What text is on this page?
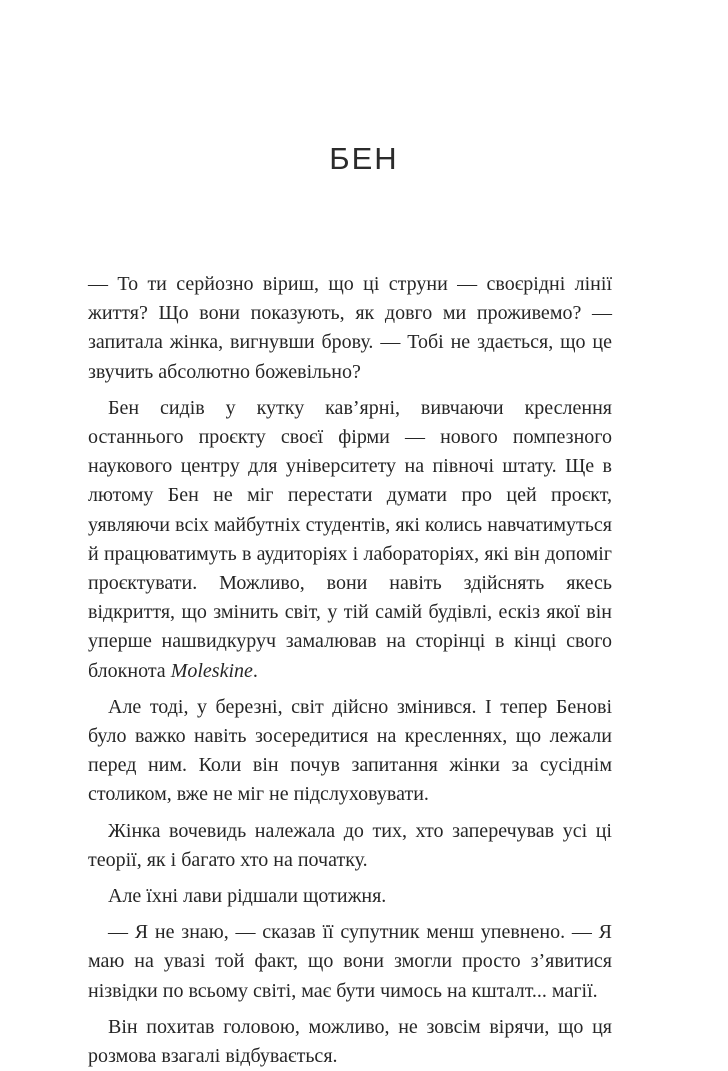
БЕН

— То ти серйозно віриш, що ці струни — своєрідні лінії життя? Що вони показують, як довго ми проживемо? — запитала жінка, вигнувши брову. — Тобі не здається, що це звучить абсолютно божевільно?

Бен сидів у кутку кав’ярні, вивчаючи креслення останнього проєкту своєї фірми — нового помпезного наукового центру для університету на півночі штату. Ще в лютому Бен не міг перестати думати про цей проєкт, уявляючи всіх майбутніх студентів, які колись навчатимуться й працюватимуть в аудиторіях і лабораторіях, які він допоміг проєктувати. Можливо, вони навіть здійснять якесь відкриття, що змінить світ, у тій самій будівлі, ескіз якої він уперше нашвидкуруч замалював на сторінці в кінці свого блокнота Moleskine.

Але тоді, у березні, світ дійсно змінився. І тепер Бенові було важко навіть зосередитися на кресленнях, що лежали перед ним. Коли він почув запитання жінки за сусіднім столиком, вже не міг не підслуховувати.

Жінка вочевидь належала до тих, хто заперечував усі ці теорії, як і багато хто на початку.

Але їхні лави рідшали щотижня.

— Я не знаю, — сказав її супутник менш упевнено. — Я маю на увазі той факт, що вони змогли просто з’явитися нізвідки по всьому світі, має бути чимось на кшталт... магії.

Він похитав головою, можливо, не зовсім вірячи, що ця розмова взагалі відбувається.
